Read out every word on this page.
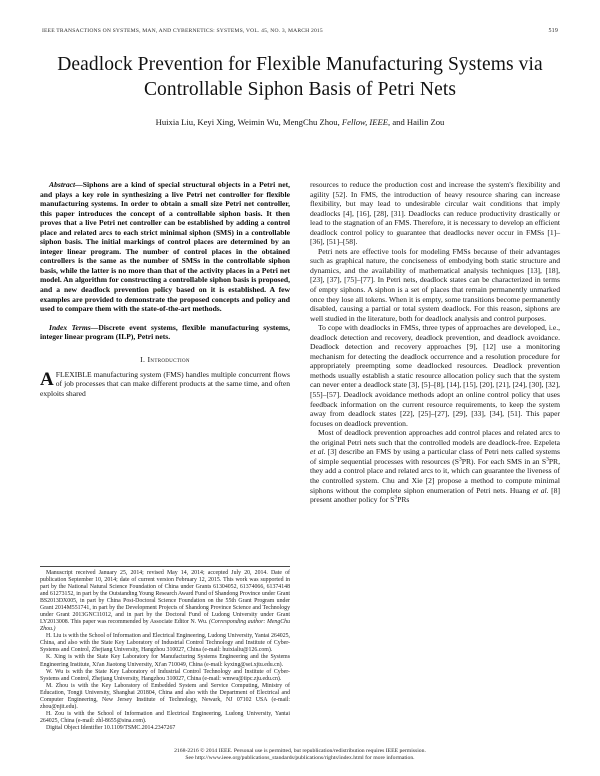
IEEE TRANSACTIONS ON SYSTEMS, MAN, AND CYBERNETICS: SYSTEMS, VOL. 45, NO. 3, MARCH 2015	519
Deadlock Prevention for Flexible Manufacturing Systems via Controllable Siphon Basis of Petri Nets
Huixia Liu, Keyi Xing, Weimin Wu, MengChu Zhou, Fellow, IEEE, and Hailin Zou

Abstract—Siphons are a kind of special structural objects in a Petri net, and plays a key role in synthesizing a live Petri net controller for flexible manufacturing systems. In order to obtain a small size Petri net controller, this paper introduces the concept of a controllable siphon basis. It then proves that a live Petri net controller can be established by adding a control place and related arcs to each strict minimal siphon (SMS) in a controllable siphon basis. The initial markings of control places are determined by an integer linear program. The number of control places in the obtained controllers is the same as the number of SMSs in the controllable siphon basis, while the latter is no more than that of the activity places in a Petri net model. An algorithm for constructing a controllable siphon basis is proposed, and a new deadlock prevention policy based on it is established. A few examples are provided to demonstrate the proposed concepts and policy and used to compare them with the state-of-the-art methods.

Index Terms—Discrete event systems, flexible manufacturing systems, integer linear program (ILP), Petri nets.

I. Introduction

AFLEXIBLE manufacturing system (FMS) handles multiple concurrent flows of job processes that can make different products at the same time, and often exploits shared

Manuscript received January 25, 2014; revised May 14, 2014; accepted July 20, 2014. Date of publication September 10, 2014; date of current version February 12, 2015. This work was supported in part by the National Natural Science Foundation of China under Grants 61304052, 61374066, 61374148 and 61273152, in part by the Outstanding Young Research Award Fund of Shandong Province under Grant BS2013DX005, in part by China Post-Doctoral Science Foundation on the 55th Grant Program under Grant 2014M551741, in part by the Development Projects of Shandong Province Science and Technology under Grant 2013GNC11012, and in part by the Doctoral Fund of Ludong University under Grant LY2013008. This paper was recommended by Associate Editor N. Wu. (Corresponding author: MengChu Zhou.)

H. Liu is with the School of Information and Electrical Engineering, Ludong University, Yantai 264025, China, and also with the State Key Laboratory of Industrial Control Technology and Institute of Cyber-Systems and Control, Zhejiang University, Hangzhou 310027, China (e-mail: huixialiu@126.com).

K. Xing is with the State Key Laboratory for Manufacturing Systems Engineering and the Systems Engineering Institute, Xi'an Jiaotong University, Xi'an 710049, China (e-mail: kyxing@sei.xjtu.edu.cn).

W. Wu is with the State Key Laboratory of Industrial Control Technology and Institute of Cyber-Systems and Control, Zhejiang University, Hangzhou 310027, China (e-mail: wmwu@iipc.zju.edu.cn).

M. Zhou is with the Key Laboratory of Embedded System and Service Computing, Ministry of Education, Tongji University, Shanghai 201804, China and also with the Department of Electrical and Computer Engineering, New Jersey Institute of Technology, Newark, NJ 07102 USA (e-mail: zhou@njit.edu).

H. Zou is with the School of Information and Electrical Engineering, Ludong University, Yantai 264025, China (e-mail: zhl-8655@sina.com).

Digital Object Identifier 10.1109/TSMC.2014.2347267

resources to reduce the production cost and increase the system's flexibility and agility [52]. In FMS, the introduction of heavy resource sharing can increase flexibility, but may lead to undesirable circular wait conditions that imply deadlocks [4], [16], [28], [31]. Deadlocks can reduce productivity drastically or lead to the stagnation of an FMS. Therefore, it is necessary to develop an efficient deadlock control policy to guarantee that deadlocks never occur in FMSs [1]–[36], [51]–[58].

Petri nets are effective tools for modeling FMSs because of their advantages such as graphical nature, the conciseness of embodying both static structure and dynamics, and the availability of mathematical analysis techniques [13], [18], [23], [37], [75]–[77]. In Petri nets, deadlock states can be characterized in terms of empty siphons. A siphon is a set of places that remain permanently unmarked once they lose all tokens. When it is empty, some transitions become permanently disabled, causing a partial or total system deadlock. For this reason, siphons are well studied in the literature, both for deadlock analysis and control purposes.

To cope with deadlocks in FMSs, three types of approaches are developed, i.e., deadlock detection and recovery, deadlock prevention, and deadlock avoidance. Deadlock detection and recovery approaches [9], [12] use a monitoring mechanism for detecting the deadlock occurrence and a resolution procedure for appropriately preempting some deadlocked resources. Deadlock prevention methods usually establish a static resource allocation policy such that the system can never enter a deadlock state [3], [5]–[8], [14], [15], [20], [21], [24], [30], [32], [55]–[57]. Deadlock avoidance methods adopt an online control policy that uses feedback information on the current resource requirements, to keep the system away from deadlock states [22], [25]–[27], [29], [33], [34], [51]. This paper focuses on deadlock prevention.

Most of deadlock prevention approaches add control places and related arcs to the original Petri nets such that the controlled models are deadlock-free. Ezpeleta et al. [3] describe an FMS by using a particular class of Petri nets called systems of simple sequential processes with resources $(S^3PR)$. For each SMS in an $S^3PR$, they add a control place and related arcs to it, which can guarantee the liveness of the controlled system. Chu and Xie [2] propose a method to compute minimal siphons without the complete siphon enumeration of Petri nets. Huang et al. [8] present another policy for $S^3PRs$

2168-2216 © 2014 IEEE. Personal use is permitted, but republication/redistribution requires IEEE permission.
See http://www.ieee.org/publications_standards/publications/rights/index.html for more information.
